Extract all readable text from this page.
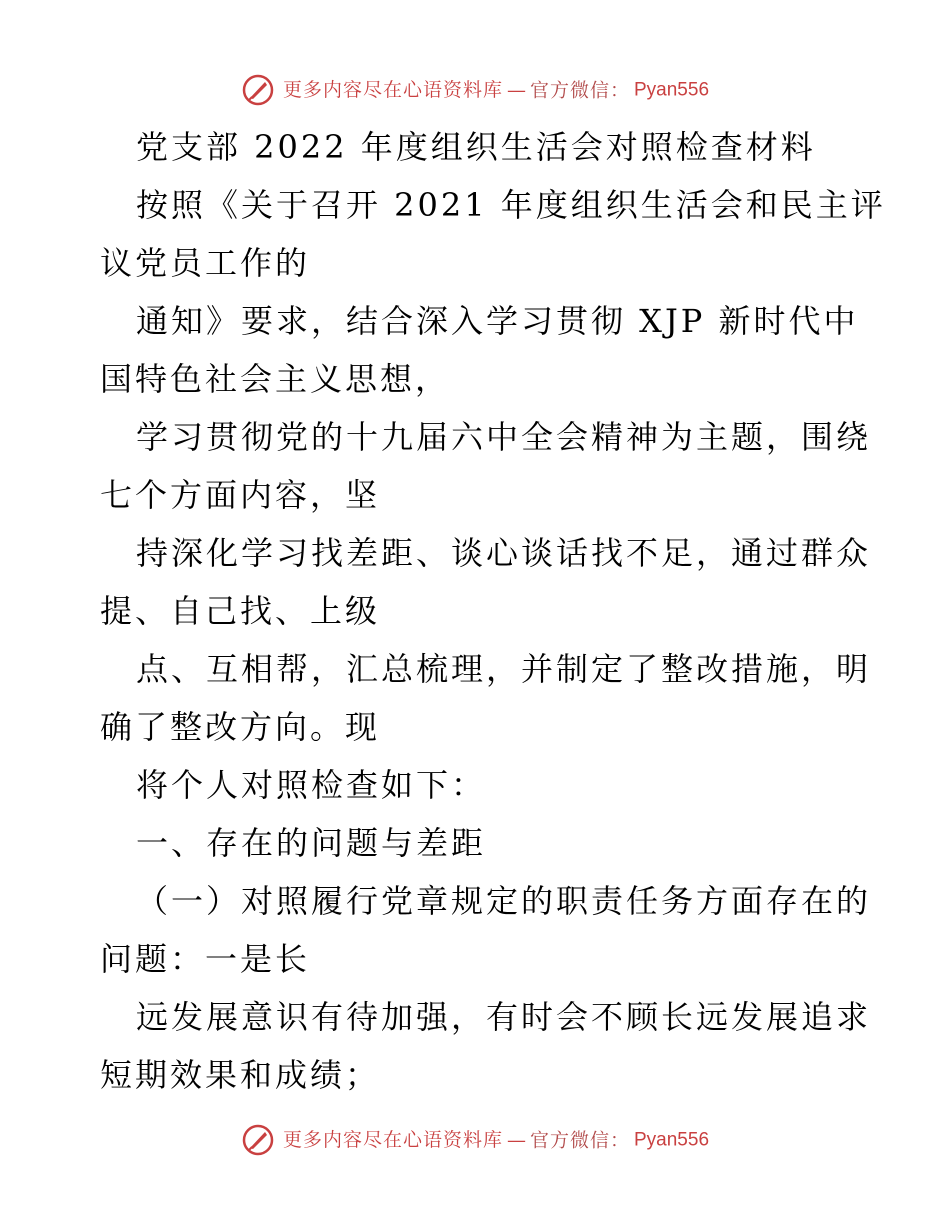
更多内容尽在心语资料库 — 官方微信： Pyan556
党支部 2022 年度组织生活会对照检查材料
按照《关于召开 2021 年度组织生活会和民主评
议党员工作的
通知》要求，结合深入学习贯彻 XJP 新时代中
国特色社会主义思想，
学习贯彻党的十九届六中全会精神为主题，围绕
七个方面内容，坚
持深化学习找差距、谈心谈话找不足，通过群众
提、自己找、上级
点、互相帮，汇总梳理，并制定了整改措施，明
确了整改方向。现
将个人对照检查如下：
一、存在的问题与差距
（一）对照履行党章规定的职责任务方面存在的
问题：一是长
远发展意识有待加强，有时会不顾长远发展追求
短期效果和成绩；
更多内容尽在心语资料库 — 官方微信： Pyan556
